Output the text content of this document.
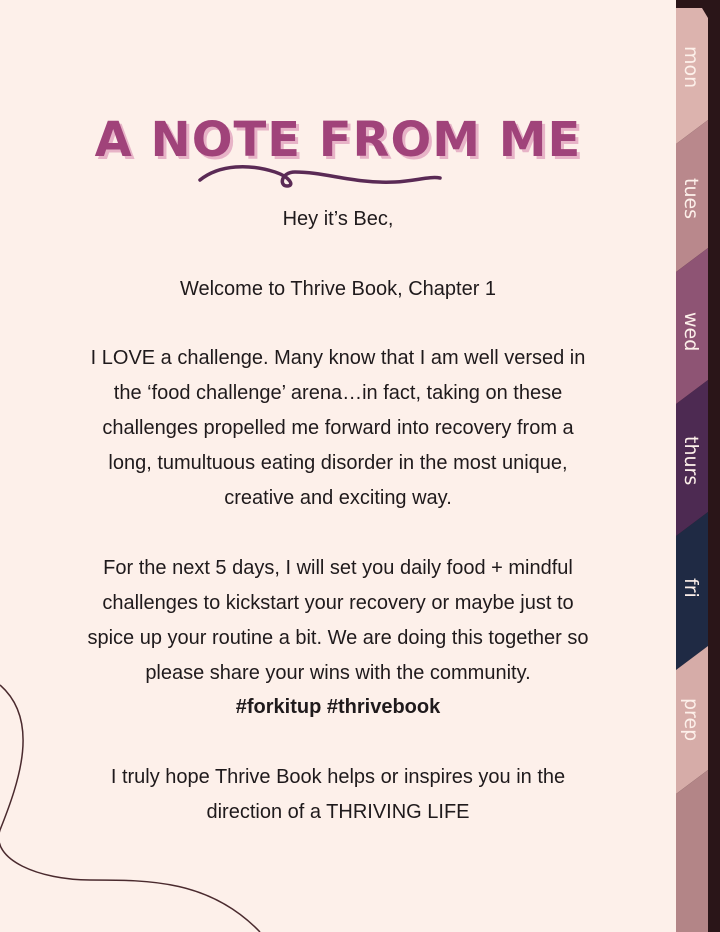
A NOTE FROM ME
Hey it’s Bec,
Welcome to Thrive Book, Chapter 1
I LOVE a challenge. Many know that I am well versed in
the ‘food challenge’ arena…in fact, taking on these
challenges propelled me forward into recovery from a
long, tumultuous eating disorder in the most unique,
creative and exciting way.
For the next 5 days, I will set you daily food + mindful
challenges to kickstart your recovery or maybe just to
spice up your routine a bit. We are doing this together so
please share your wins with the community.
#forkitup #thrivebook
I truly hope Thrive Book helps or inspires you in the
direction of a THRIVING LIFE
mon
tues
wed
thurs
fri
prep
